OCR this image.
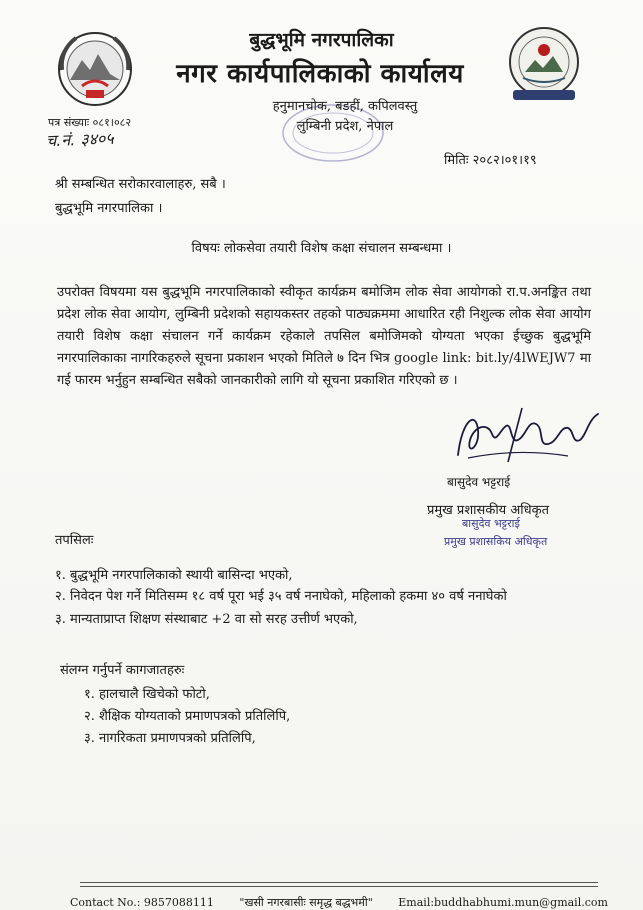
बुद्धभूमि नगरपालिका
नगर कार्यपालिकाको कार्यालय
हनुमानचोक, बडहीं, कपिलवस्तु
लुम्बिनी प्रदेश, नेपाल
पत्र संख्याः ०८१।०८२
च.नं. ३४०५
मितिः २०८२।०१।१९
श्री सम्बन्धित सरोकारवालाहरु, सबै ।
बुद्धभूमि नगरपालिका ।
विषयः लोकसेवा तयारी विशेष कक्षा संचालन सम्बन्धमा ।
उपरोक्त विषयमा यस बुद्धभूमि नगरपालिकाको स्वीकृत कार्यक्रम बमोजिम लोक सेवा आयोगको रा.प.अनङ्कित तथा प्रदेश लोक सेवा आयोग, लुम्बिनी प्रदेशको सहायकस्तर तहको पाठ्यक्रममा आधारित रही निशुल्क लोक सेवा आयोग तयारी विशेष कक्षा संचालन गर्ने कार्यक्रम रहेकाले तपसिल बमोजिमको योग्यता भएका ईच्छुक बुद्धभूमि नगरपालिकाका नागरिकहरुले सूचना प्रकाशन भएको मितिले ७ दिन भित्र google link: bit.ly/4lWEJW7 मा गई फारम भर्नुहुन सम्बन्धित सबैको जानकारीको लागि यो सूचना प्रकाशित गरिएको छ ।
बासुदेव भट्टराई
प्रमुख प्रशासकीय अधिकृत
बासुदेव भट्टराई
प्रमुख प्रशासकिय अधिकृत
तपसिलः
१. बुद्धभूमि नगरपालिकाको स्थायी बासिन्दा भएको,
२. निवेदन पेश गर्ने मितिसम्म १८ वर्ष पूरा भई ३५ वर्ष ननाघेको, महिलाको हकमा ४० वर्ष ननाघेको
३. मान्यताप्राप्त शिक्षण संस्थाबाट +2 वा सो सरह उत्तीर्ण भएको,
संलग्न गर्नुपर्ने कागजातहरुः
१. हालचालै खिचेको फोटो,
२. शैक्षिक योग्यताको प्रमाणपत्रको प्रतिलिपि,
३. नागरिकता प्रमाणपत्रको प्रतिलिपि,
Contact No.: 9857088111 "खसी नगरबासीः समृद्ध बद्धभमी" Email:buddhabhumi.mun@gmail.com
